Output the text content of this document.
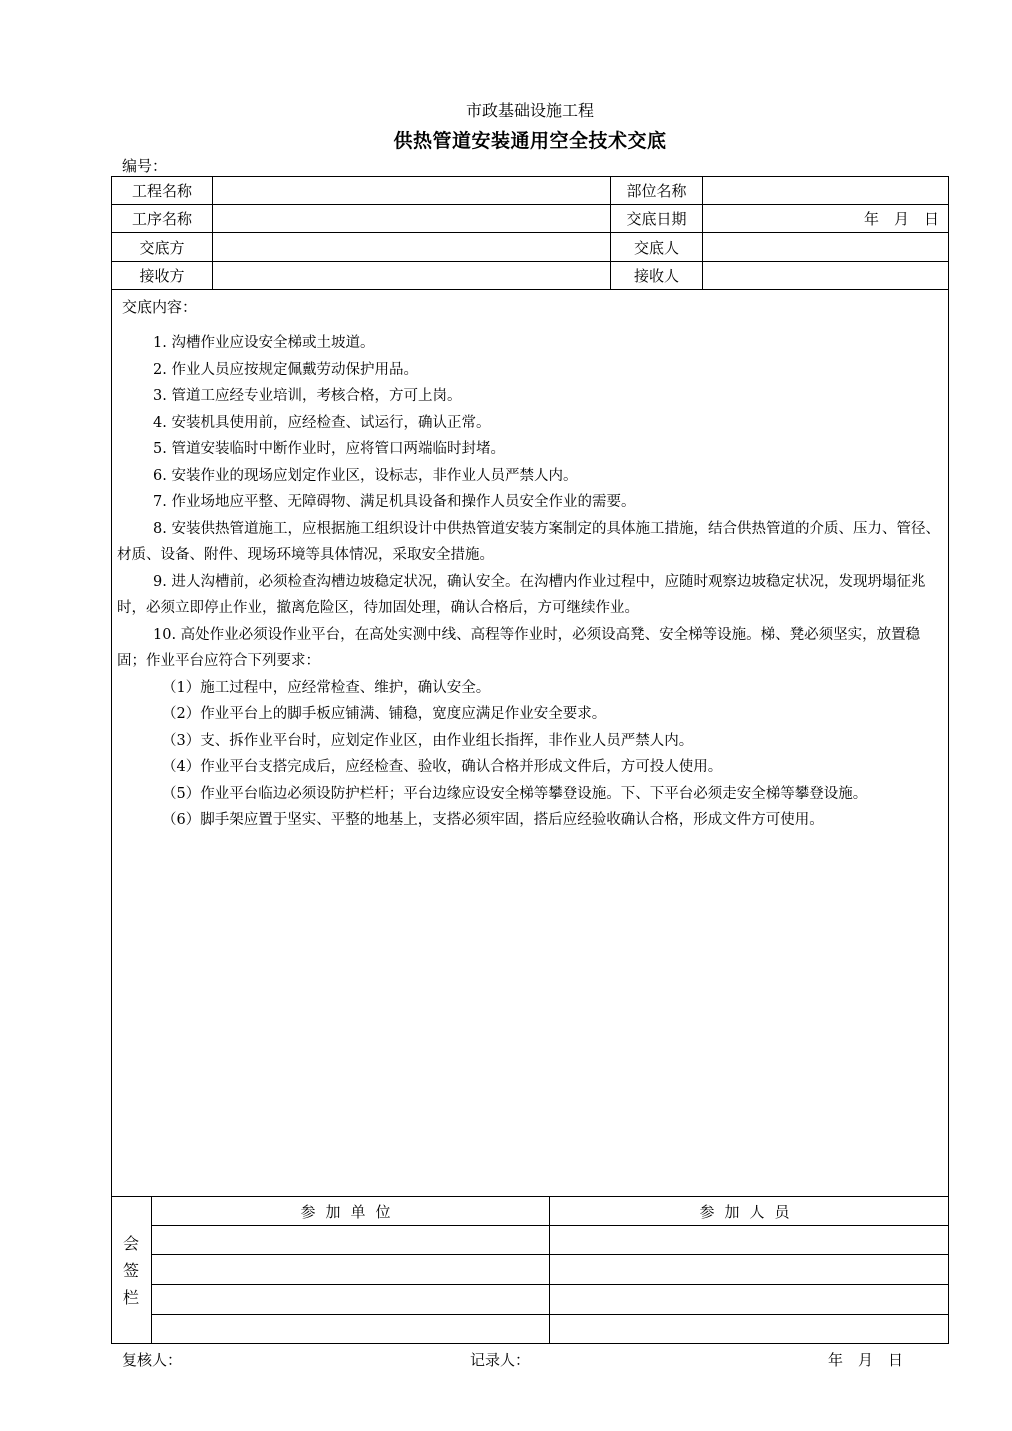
市政基础设施工程
供热管道安装通用空全技术交底
编号：
工程名称	部位名称
工序名称	交底日期	年　月　日
交底方	交底人
接收方	接收人
交底内容：

1. 沟槽作业应设安全梯或土坡道。

2. 作业人员应按规定佩戴劳动保护用品。

3. 管道工应经专业培训，考核合格，方可上岗。

4. 安装机具使用前，应经检查、试运行，确认正常。

5. 管道安装临时中断作业时，应将管口两端临时封堵。

6. 安装作业的现场应划定作业区，设标志，非作业人员严禁人内。

7. 作业场地应平整、无障碍物、满足机具设备和操作人员安全作业的需要。

8. 安装供热管道施工，应根据施工组织设计中供热管道安装方案制定的具体施工措施，结合供热管道的介质、压力、管径、材质、设备、附件、现场环境等具体情况，采取安全措施。

9. 进人沟槽前，必须检查沟槽边坡稳定状况，确认安全。在沟槽内作业过程中，应随时观察边坡稳定状况，发现坍塌征兆时，必须立即停止作业，撤离危险区，待加固处理，确认合格后，方可继续作业。

10. 高处作业必须设作业平台，在高处实测中线、高程等作业时，必须设高凳、安全梯等设施。梯、凳必须坚实，放置稳固；作业平台应符合下列要求：

（1）施工过程中，应经常检查、维护，确认安全。

（2）作业平台上的脚手板应铺满、铺稳，宽度应满足作业安全要求。

（3）支、拆作业平台时，应划定作业区，由作业组长指挥，非作业人员严禁人内。

（4）作业平台支搭完成后，应经检查、验收，确认合格并形成文件后，方可投人使用。

（5）作业平台临边必须设防护栏杆；平台边缘应设安全梯等攀登设施。下、下平台必须走安全梯等攀登设施。

（6）脚手架应置于坚实、平整的地基上，支搭必须牢固，搭后应经验收确认合格，形成文件方可使用。

会
签
栏
参加单位	参加人员
复核人：	记录人：	年　月　日
